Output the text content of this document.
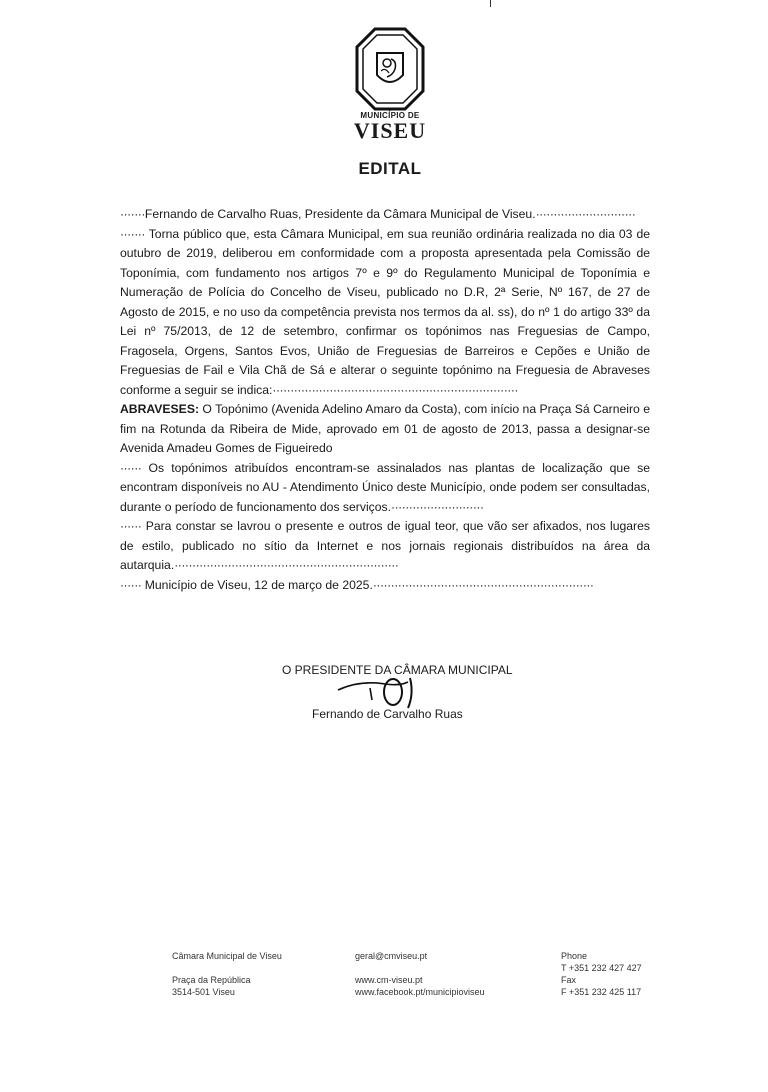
MUNICÍPIO DE
VISEU
EDITAL

·······Fernando de Carvalho Ruas, Presidente da Câmara Municipal de Viseu.····························

······· Torna público que, esta Câmara Municipal, em sua reunião ordinária realizada no dia 03 de outubro de 2019, deliberou em conformidade com a proposta apresentada pela Comissão de Toponímia, com fundamento nos artigos 7º e 9º do Regulamento Municipal de Toponímia e Numeração de Polícia do Concelho de Viseu, publicado no D.R, 2ª Serie, Nº 167, de 27 de Agosto de 2015, e no uso da competência prevista nos termos da al. ss), do nº 1 do artigo 33º da Lei nº 75/2013, de 12 de setembro, confirmar os topónimos nas Freguesias de Campo, Fragosela, Orgens, Santos Evos, União de Freguesias de Barreiros e Cepões e União de Freguesias de Fail e Vila Chã de Sá e alterar o seguinte topónimo na Freguesia de Abraveses conforme a seguir se indica:·····································································

ABRAVESES: O Topónimo (Avenida Adelino Amaro da Costa), com início na Praça Sá Carneiro e fim na Rotunda da Ribeira de Mide, aprovado em 01 de agosto de 2013, passa a designar-se Avenida Amadeu Gomes de Figueiredo

······ Os topónimos atribuídos encontram-se assinalados nas plantas de localização que se encontram disponíveis no AU - Atendimento Único deste Município, onde podem ser consultadas, durante o período de funcionamento dos serviços.··························

······ Para constar se lavrou o presente e outros de igual teor, que vão ser afixados, nos lugares de estilo, publicado no sítio da Internet e nos jornais regionais distribuídos na área da autarquia.·······························································

······ Município de Viseu, 12 de março de 2025.······························································

O PRESIDENTE DA CÂMARA MUNICIPAL
Fernando de Carvalho Ruas
Câmara Municipal de Viseu
Praça da República
3514-501 Viseu
geral@cmviseu.pt
www.cm-viseu.pt
www.facebook.pt/municipioviseu
Phone
T +351 232 427 427
Fax
F +351 232 425 117
